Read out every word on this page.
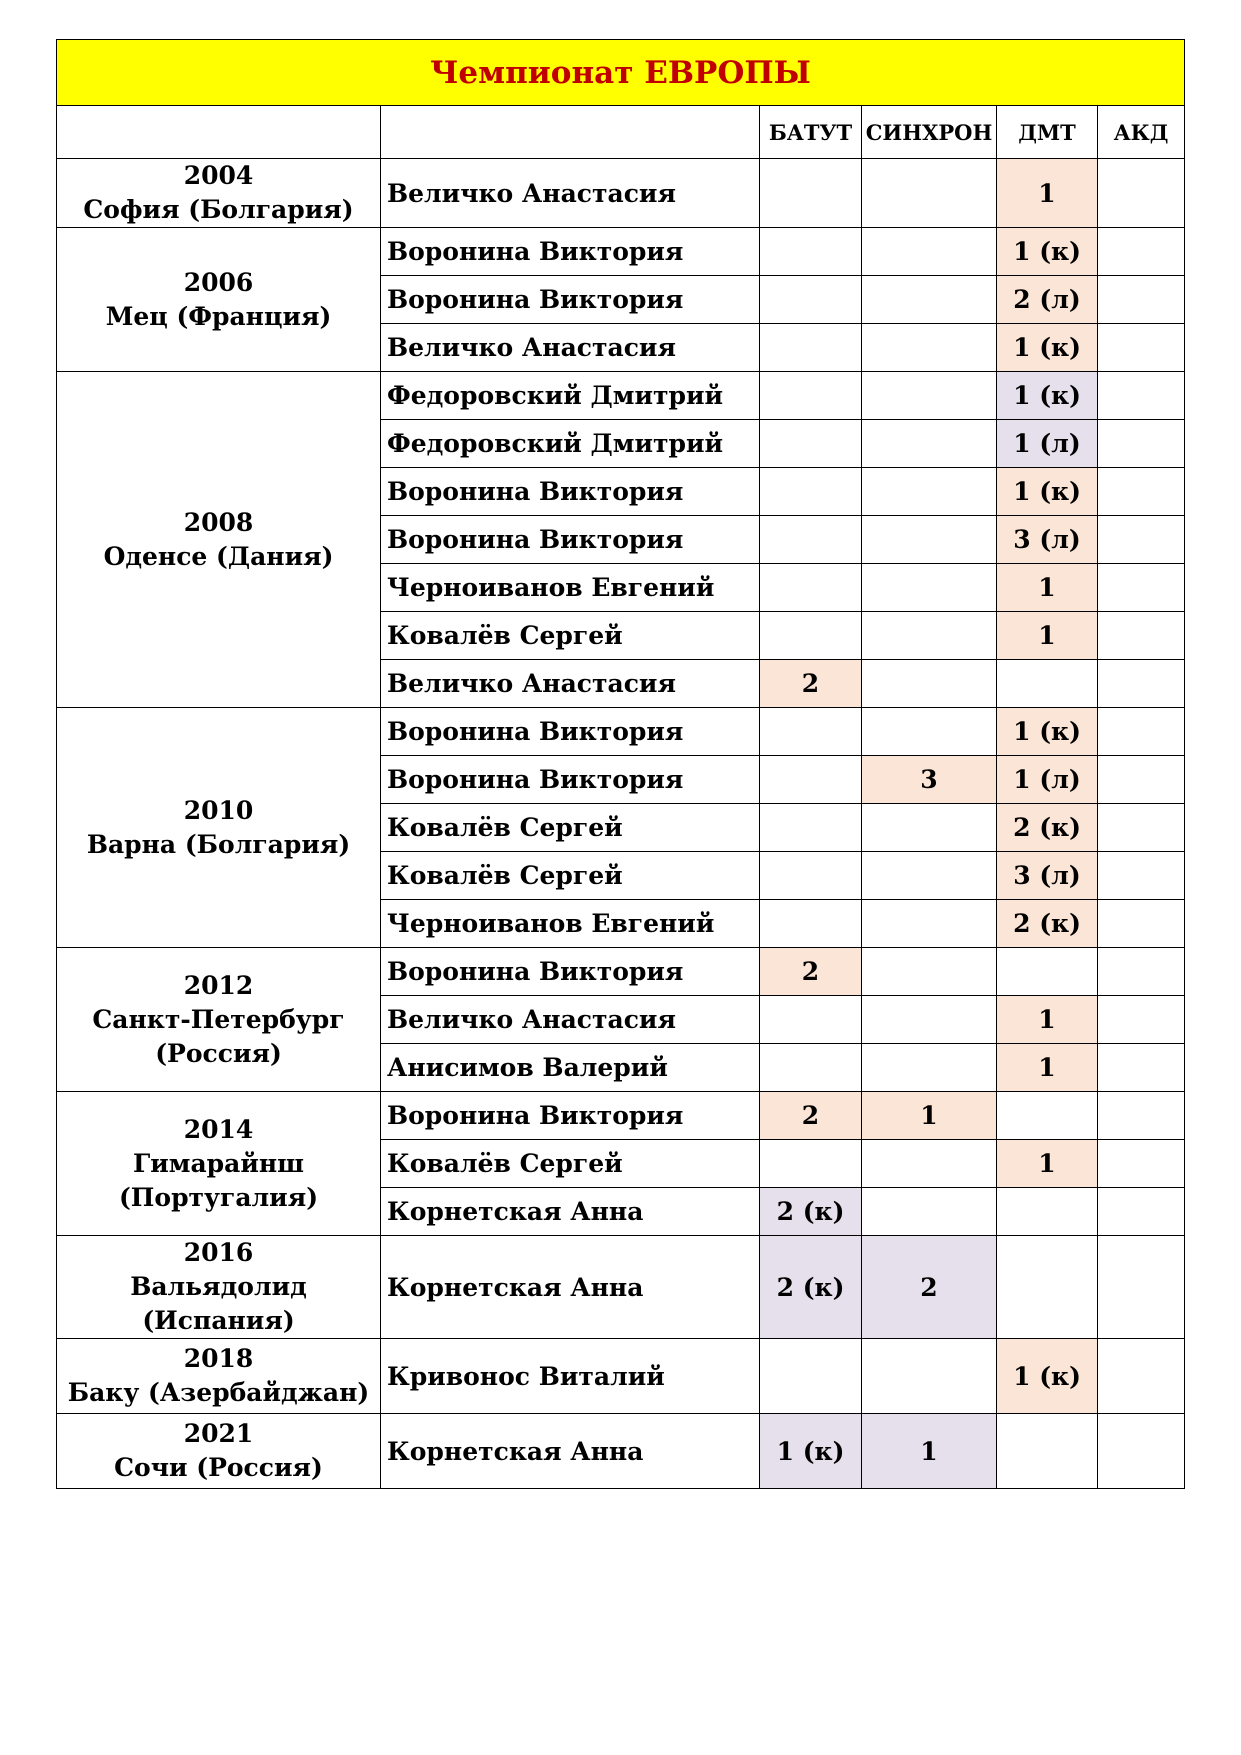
Чемпионат ЕВРОПЫ					
		БАТУТ	СИНХРОН	ДМТ	АКД

2004
София (Болгария)	Величко Анастасия			1	

2006
Мец (Франция)	Воронина Виктория			1 (к)	
	Воронина Виктория			2 (л)	
	Величко Анастасия			1 (к)	

2008
Оденсе (Дания)	Федоровский Дмитрий			1 (к)	
	Федоровский Дмитрий			1 (л)	
	Воронина Виктория			1 (к)	
	Воронина Виктория			3 (л)	
	Черноиванов Евгений			1	
	Ковалёв Сергей			1	
	Величко Анастасия	2			

2010
Варна (Болгария)	Воронина Виктория			1 (к)	
	Воронина Виктория		3	1 (л)	
	Ковалёв Сергей			2 (к)	
	Ковалёв Сергей			3 (л)	
	Черноиванов Евгений			2 (к)	

2012
Санкт-Петербург (Россия)	Воронина Виктория	2			
	Величко Анастасия			1	
	Анисимов Валерий			1	

2014
Гимарайнш (Португалия)	Воронина Виктория	2	1		
	Ковалёв Сергей			1	
	Корнетская Анна	2 (к)			

2016
Вальядолид (Испания)	Корнетская Анна	2 (к)	2		

2018
Баку (Азербайджан)	Кривонос Виталий			1 (к)	

2021
Сочи (Россия)	Корнетская Анна	1 (к)	1		
